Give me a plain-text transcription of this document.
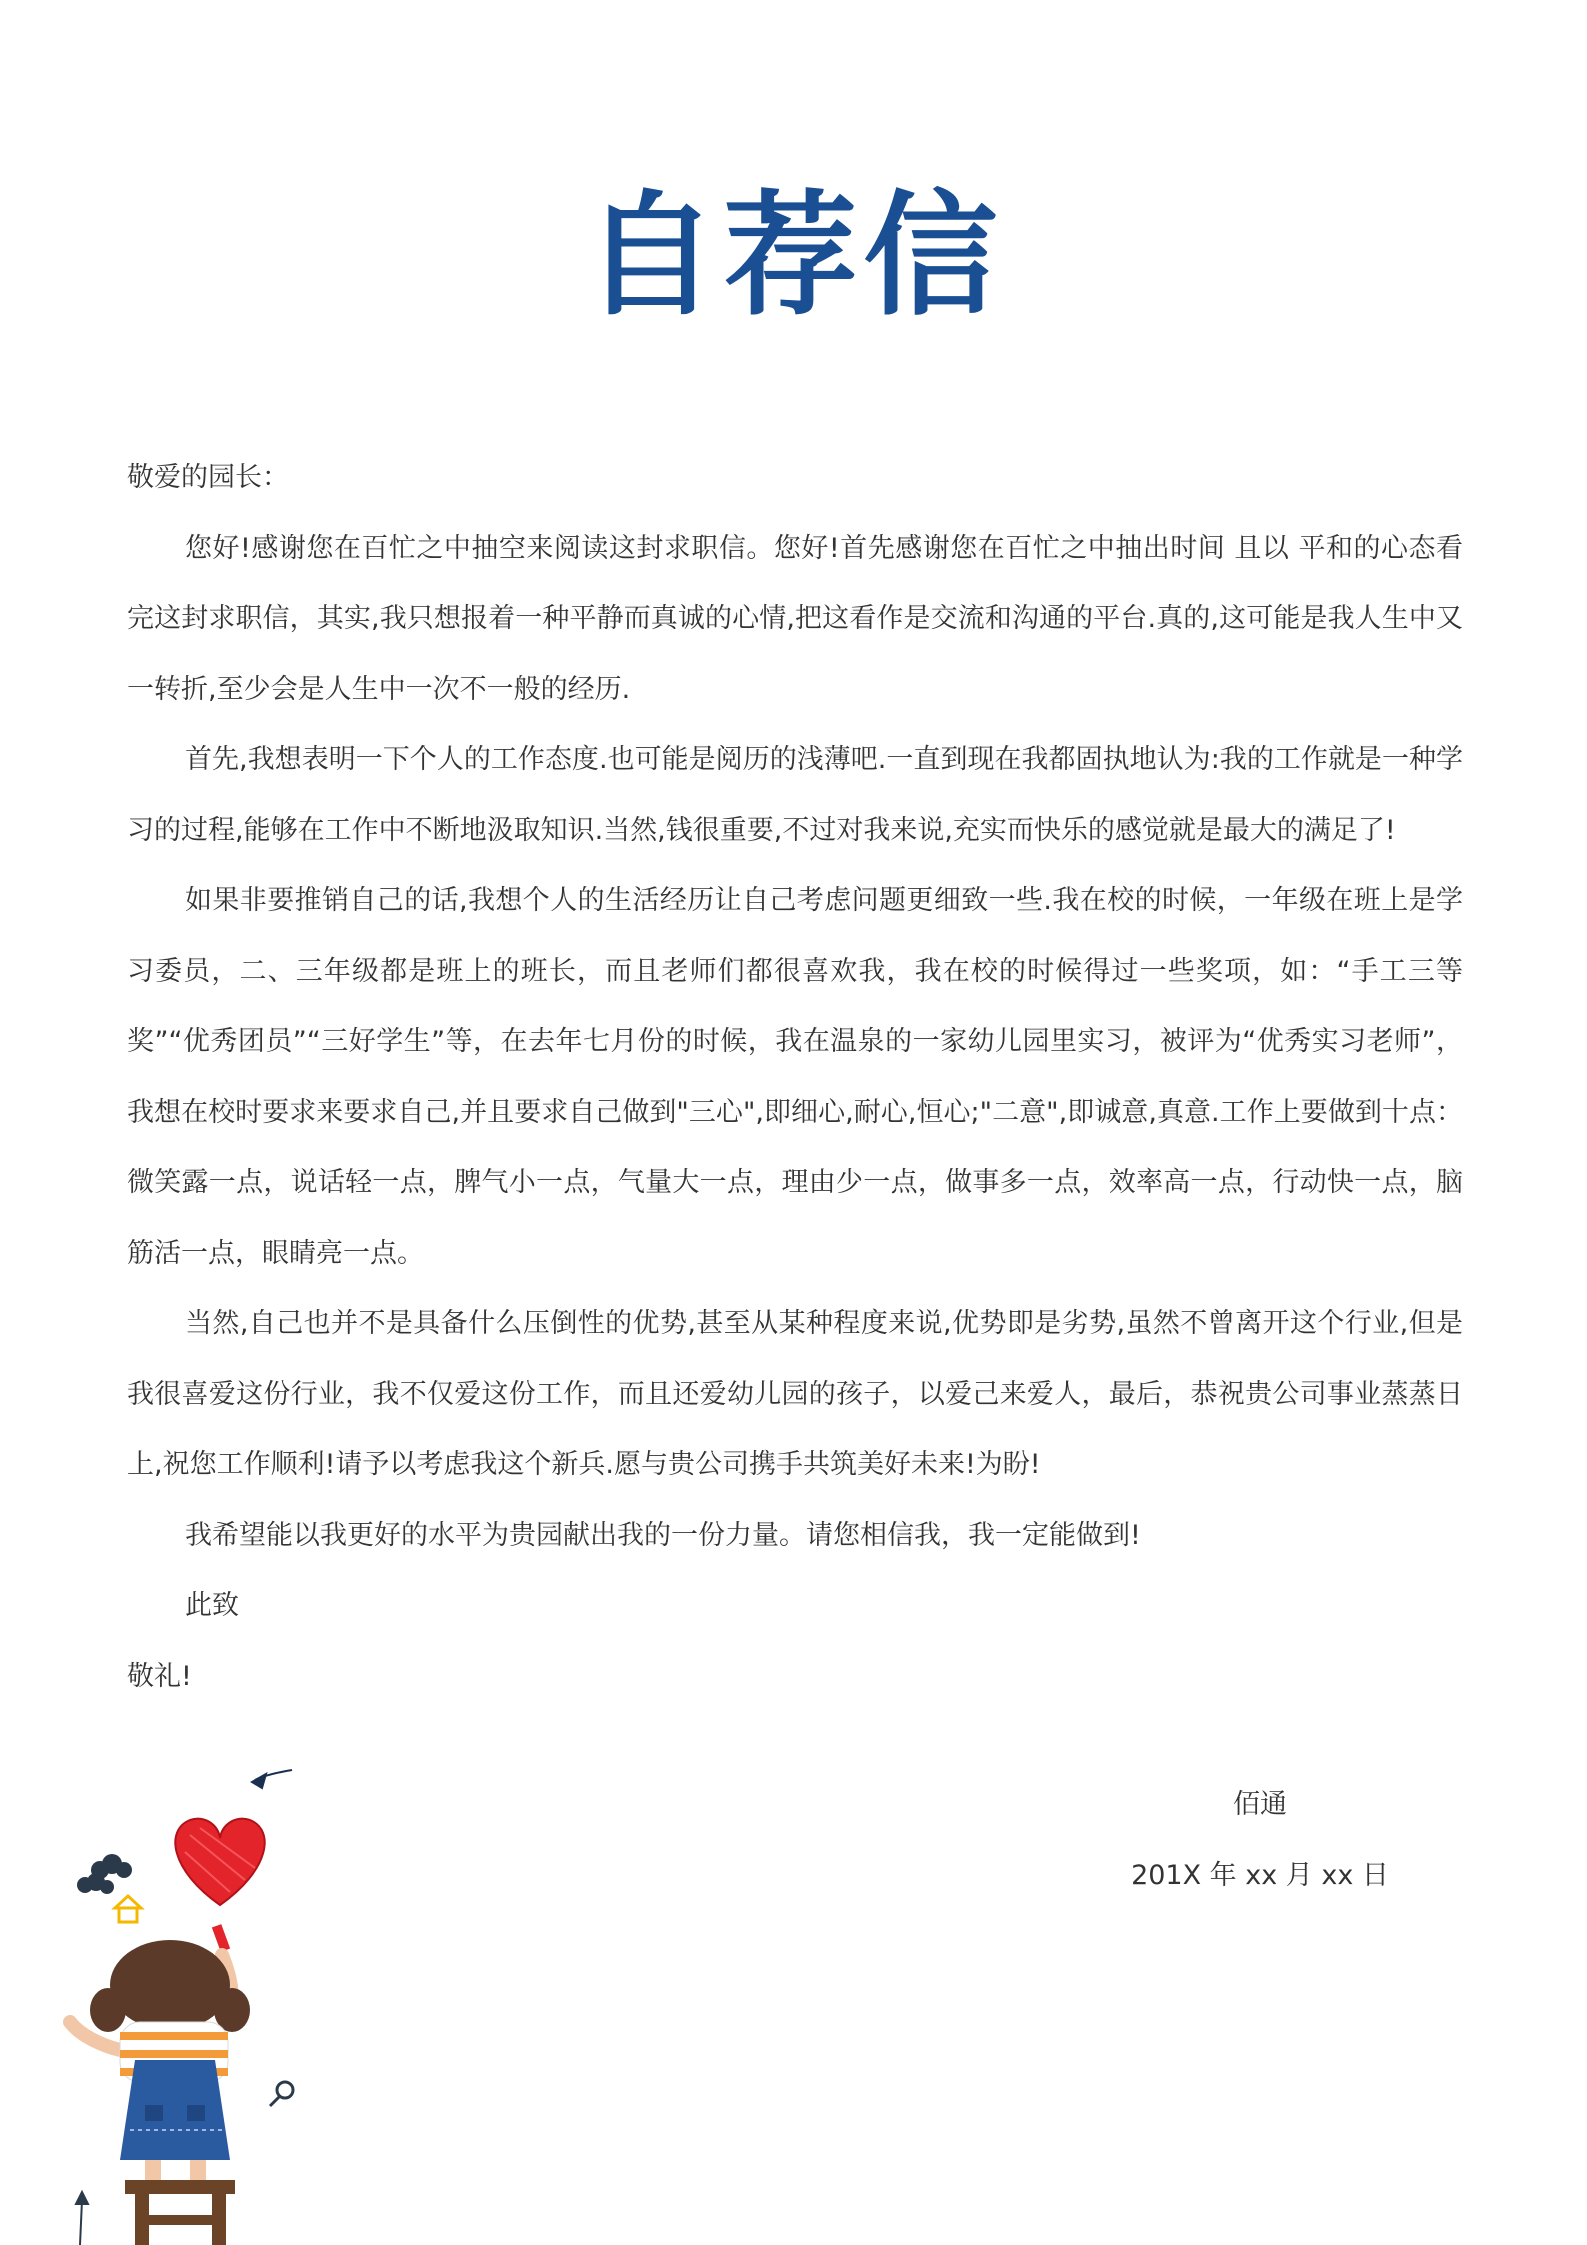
自荐信

敬爱的园长：

您好!感谢您在百忙之中抽空来阅读这封求职信。您好!首先感谢您在百忙之中抽出时间 且以 平和的心态看完这封求职信，其实,我只想报着一种平静而真诚的心情,把这看作是交流和沟通的平台.真的,这可能是我人生中又一转折,至少会是人生中一次不一般的经历.

首先,我想表明一下个人的工作态度.也可能是阅历的浅薄吧.一直到现在我都固执地认为:我的工作就是一种学习的过程,能够在工作中不断地汲取知识.当然,钱很重要,不过对我来说,充实而快乐的感觉就是最大的满足了!

如果非要推销自己的话,我想个人的生活经历让自己考虑问题更细致一些.我在校的时候，一年级在班上是学习委员，二、三年级都是班上的班长，而且老师们都很喜欢我，我在校的时候得过一些奖项，如：“手工三等奖”“优秀团员”“三好学生”等，在去年七月份的时候，我在温泉的一家幼儿园里实习，被评为“优秀实习老师”，我想在校时要求来要求自己,并且要求自己做到"三心",即细心,耐心,恒心;"二意",即诚意,真意.工作上要做到十点：微笑露一点，说话轻一点，脾气小一点，气量大一点，理由少一点，做事多一点，效率高一点，行动快一点，脑筋活一点，眼睛亮一点。

当然,自己也并不是具备什么压倒性的优势,甚至从某种程度来说,优势即是劣势,虽然不曾离开这个行业,但是我很喜爱这份行业，我不仅爱这份工作，而且还爱幼儿园的孩子，以爱己来爱人，最后，恭祝贵公司事业蒸蒸日上,祝您工作顺利!请予以考虑我这个新兵.愿与贵公司携手共筑美好未来!为盼!

我希望能以我更好的水平为贵园献出我的一份力量。请您相信我，我一定能做到!

此致

敬礼!

佰通
201X 年 xx 月 xx 日
